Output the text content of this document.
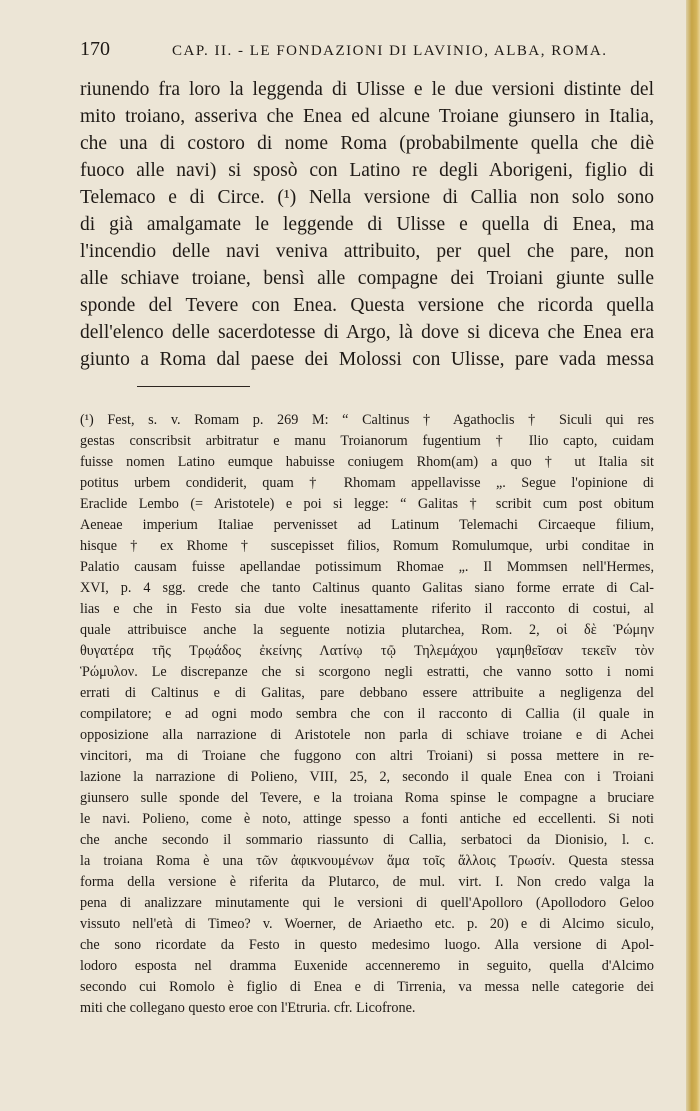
170	CAP. II. - LE FONDAZIONI DI LAVINIO, ALBA, ROMA.
riunendo fra loro la leggenda di Ulisse e le due versioni distinte del
mito troiano, asseriva che Enea ed alcune Troiane giunsero in Italia,
che una di costoro di nome Roma (probabilmente quella che diè
fuoco alle navi) si sposò con Latino re degli Aborigeni, figlio di
Telemaco e di Circe. (¹) Nella versione di Callia non solo sono
di già amalgamate le leggende di Ulisse e quella di Enea, ma
l'incendio delle navi veniva attribuito, per quel che pare, non
alle schiave troiane, bensì alle compagne dei Troiani giunte sulle
sponde del Tevere con Enea. Questa versione che ricorda quella
dell'elenco delle sacerdotesse di Argo, là dove si diceva che Enea era
giunto a Roma dal paese dei Molossi con Ulisse, pare vada messa
(¹) Fest, s. v. Romam p. 269 M: “ Caltinus † Agathoclis † Siculi qui res
gestas conscribsit arbitratur e manu Troianorum fugentium † Ilio capto, cuidam
fuisse nomen Latino eumque habuisse coniugem Rhom(am) a quo † ut Italia sit
potitus urbem condiderit, quam † Rhomam appellavisse „. Segue l'opinione di
Eraclide Lembo (= Aristotele) e poi si legge: “ Galitas † scribit cum post obitum
Aeneae imperium Italiae pervenisset ad Latinum Telemachi Circaeque filium,
hisque † ex Rhome † suscepisset filios, Romum Romulumque, urbi conditae in
Palatio causam fuisse apellandae potissimum Rhomae „. Il Mommsen nell'Hermes,
XVI, p. 4 sgg. crede che tanto Caltinus quanto Galitas siano forme errate di Cal-
lias e che in Festo sia due volte inesattamente riferito il racconto di costui, al
quale attribuisce anche la seguente notizia plutarchea, Rom. 2, οἱ δὲ Ῥώμην
θυγατέρα τῆς Τρῳάδος ἐκείνης Λατίνῳ τῷ Τηλεμάχου γαμηθεῖσαν τεκεῖν τὸν
Ῥώμυλον. Le discrepanze che si scorgono negli estratti, che vanno sotto i nomi
errati di Caltinus e di Galitas, pare debbano essere attribuite a negligenza del
compilatore; e ad ogni modo sembra che con il racconto di Callia (il quale in
opposizione alla narrazione di Aristotele non parla di schiave troiane e di Achei
vincitori, ma di Troiane che fuggono con altri Troiani) si possa mettere in re-
lazione la narrazione di Polieno, VIII, 25, 2, secondo il quale Enea con i Troiani
giunsero sulle sponde del Tevere, e la troiana Roma spinse le compagne a bruciare
le navi. Polieno, come è noto, attinge spesso a fonti antiche ed eccellenti. Si noti
che anche secondo il sommario riassunto di Callia, serbatoci da Dionisio, l. c.
la troiana Roma è una τῶν ἀφικνουμένων ἅμα τοῖς ἄλλοις Τρωσίν. Questa stessa
forma della versione è riferita da Plutarco, de mul. virt. I. Non credo valga la
pena di analizzare minutamente qui le versioni di quell'Apolloro (Apollodoro Geloo
vissuto nell'età di Timeo? v. Woerner, de Ariaetho etc. p. 20) e di Alcimo siculo,
che sono ricordate da Festo in questo medesimo luogo. Alla versione di Apol-
lodoro esposta nel dramma Euxenide accenneremo in seguito, quella d'Alcimo
secondo cui Romolo è figlio di Enea e di Tirrenia, va messa nelle categorie dei
miti che collegano questo eroe con l'Etruria. cfr. Licofrone.
